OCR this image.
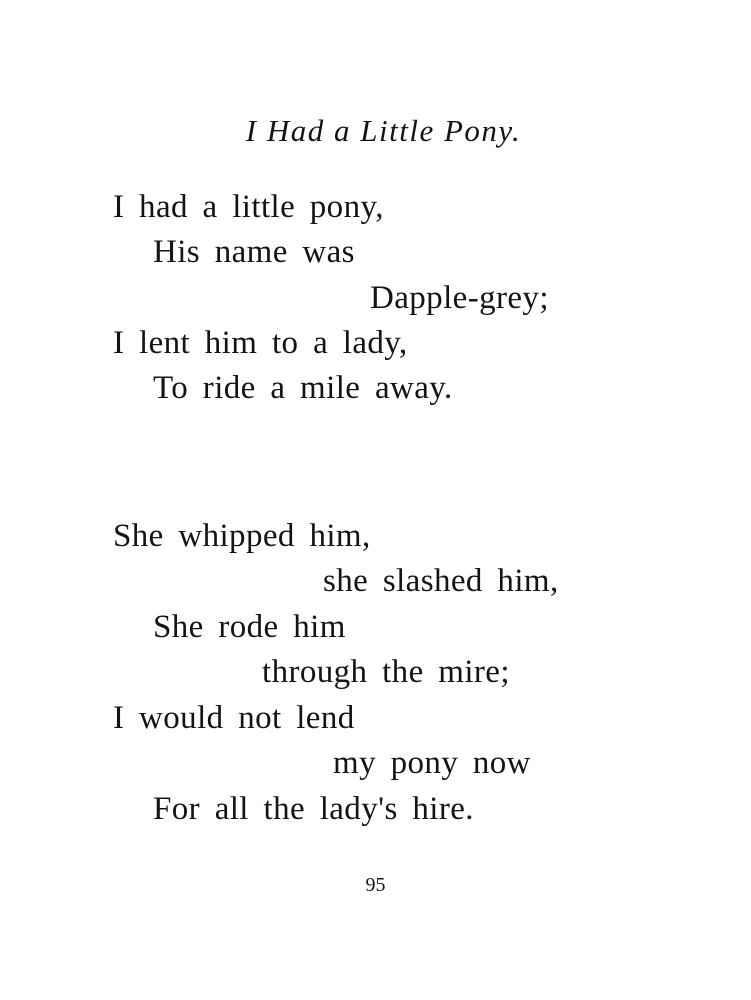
I Had a Little Pony.
I had a little pony,
His name was
Dapple-grey;
I lent him to a lady,
To ride a mile away.
She whipped him,
she slashed him,
She rode him
through the mire;
I would not lend
my pony now
For all the lady's hire.
95
